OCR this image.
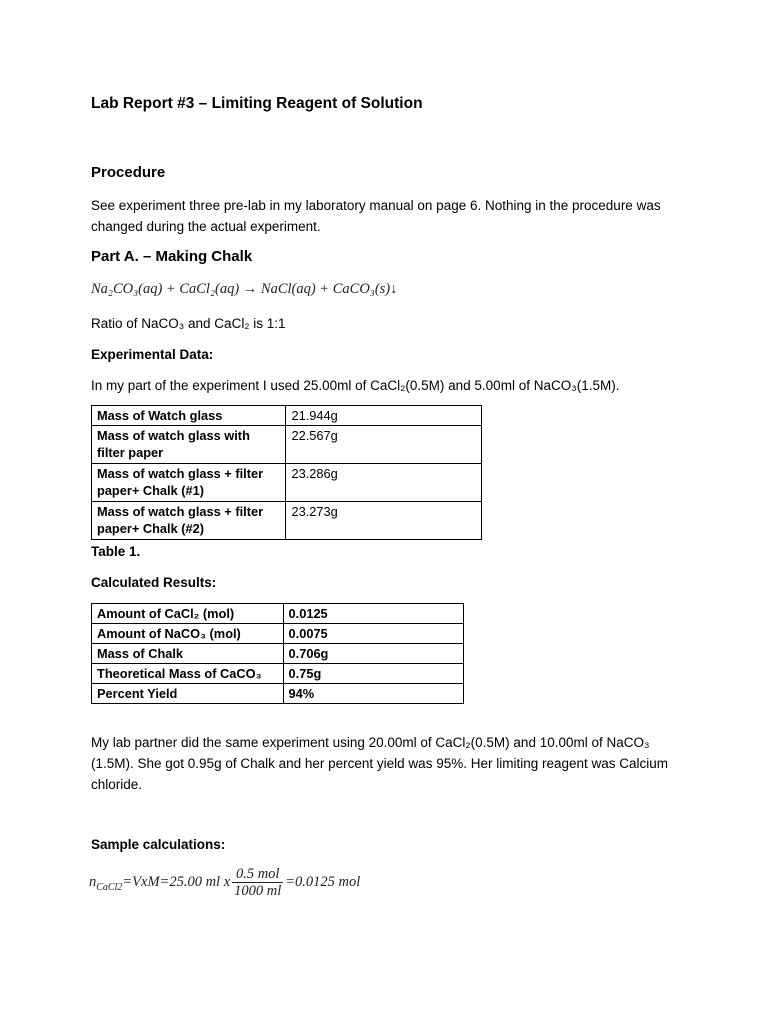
Lab Report #3 – Limiting Reagent of Solution
Procedure

See experiment three pre-lab in my laboratory manual on page 6. Nothing in the procedure was

changed during the actual experiment.

Part A. – Making Chalk

Na₂CO₃(aq) + CaCl₂(aq) → NaCl(aq) + CaCO₃(s)↓

Ratio of NaCO₃ and CaCl₂ is 1:1

Experimental Data:

In my part of the experiment I used 25.00ml of CaCl₂(0.5M) and 5.00ml of NaCO₃(1.5M).

Mass of Watch glass	21.944g
Mass of watch glass with filter paper	22.567g
Mass of watch glass + filter paper+ Chalk (#1)	23.286g
Mass of watch glass + filter paper+ Chalk (#2)	23.273g

Table 1.

Calculated Results:

Amount of CaCl₂ (mol)	0.0125
Amount of NaCO₃ (mol)	0.0075
Mass of Chalk	0.706g
Theoretical Mass of CaCO₃	0.75g
Percent Yield	94%

My lab partner did the same experiment using 20.00ml of CaCl₂(0.5M) and 10.00ml of NaCO₃

(1.5M). She got 0.95g of Chalk and her percent yield was 95%. Her limiting reagent was Calcium

chloride.

Sample calculations:

$n_{CaCl2}=VxM=25.00$ ml x $\frac{\text{0.5 mol}}{1000 ml} =0.0125$ mol
